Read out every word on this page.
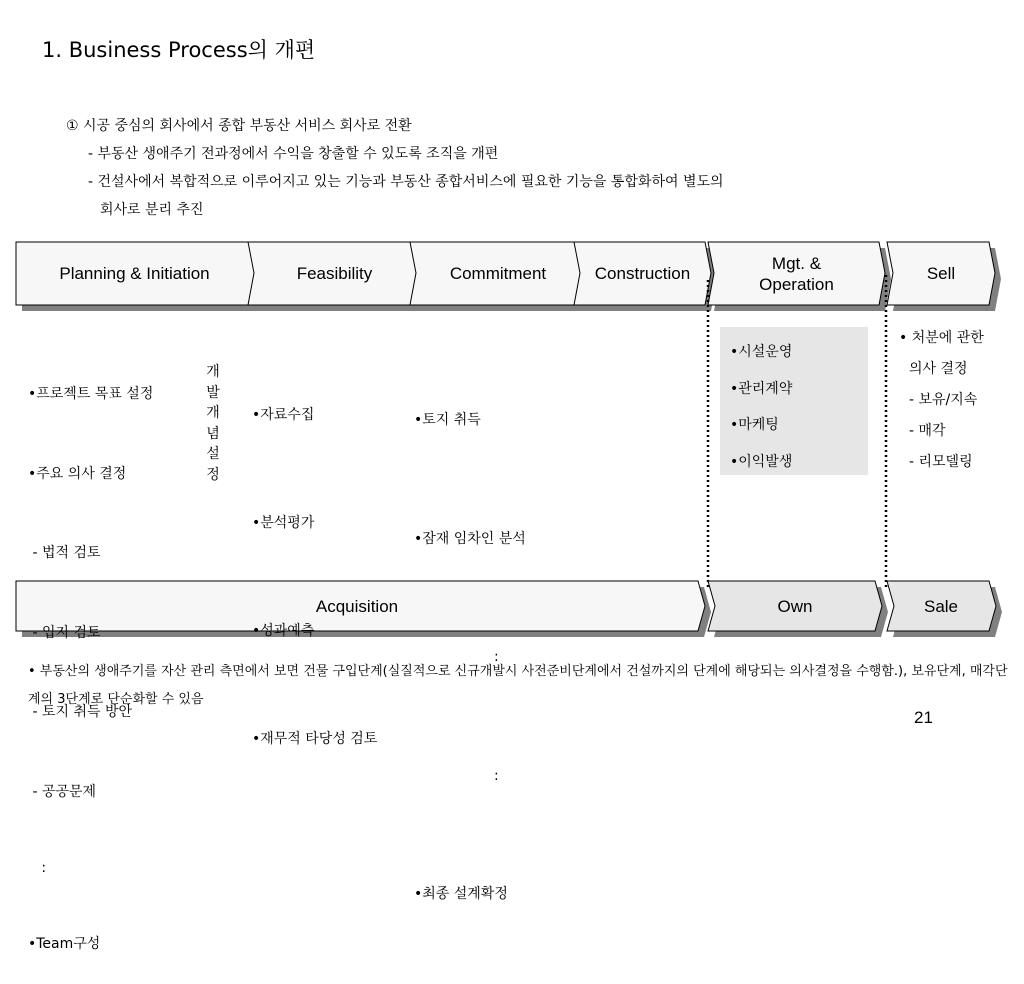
1. Business Process의 개편
① 시공 중심의 회사에서 종합 부동산 서비스 회사로 전환
- 부동산 생애주기 전과정에서 수익을 창출할 수 있도록 조직을 개편
- 건설사에서 복합적으로 이루어지고 있는 기능과 부동산 종합서비스에 필요한 기능을 통합화하여 별도의
회사로 분리 추진
Planning & Initiation	Feasibility	Commitment	Construction
Mgt. &
Operation
Sell

•프로젝트 목표 설정

•주요 의사 결정

- 법적 검토

- 입지 검토

- 토지 취득 방안

- 공공문제

:

•Team구성

개
발
개
념
설
정

•자료수집

•분석평가

•성과예측

•재무적 타당성 검토

•토지 취득

•잠재 임차인 분석

:

:

•최종 설계확정

•시설운영
•관리계약
•마케팅
•이익발생
• 처분에 관한
의사 결정
- 보유/지속
- 매각
- 리모델링
Acquisition	Own	Sale
• 부동산의 생애주기를 자산 관리 측면에서 보면 건물 구입단계(실질적으로 신규개발시 사전준비단계에서 건설까지의 단계에 해당되는 의사결정을 수행함.), 보유단계, 매각단계의 3단계로 단순화할 수 있음
21
